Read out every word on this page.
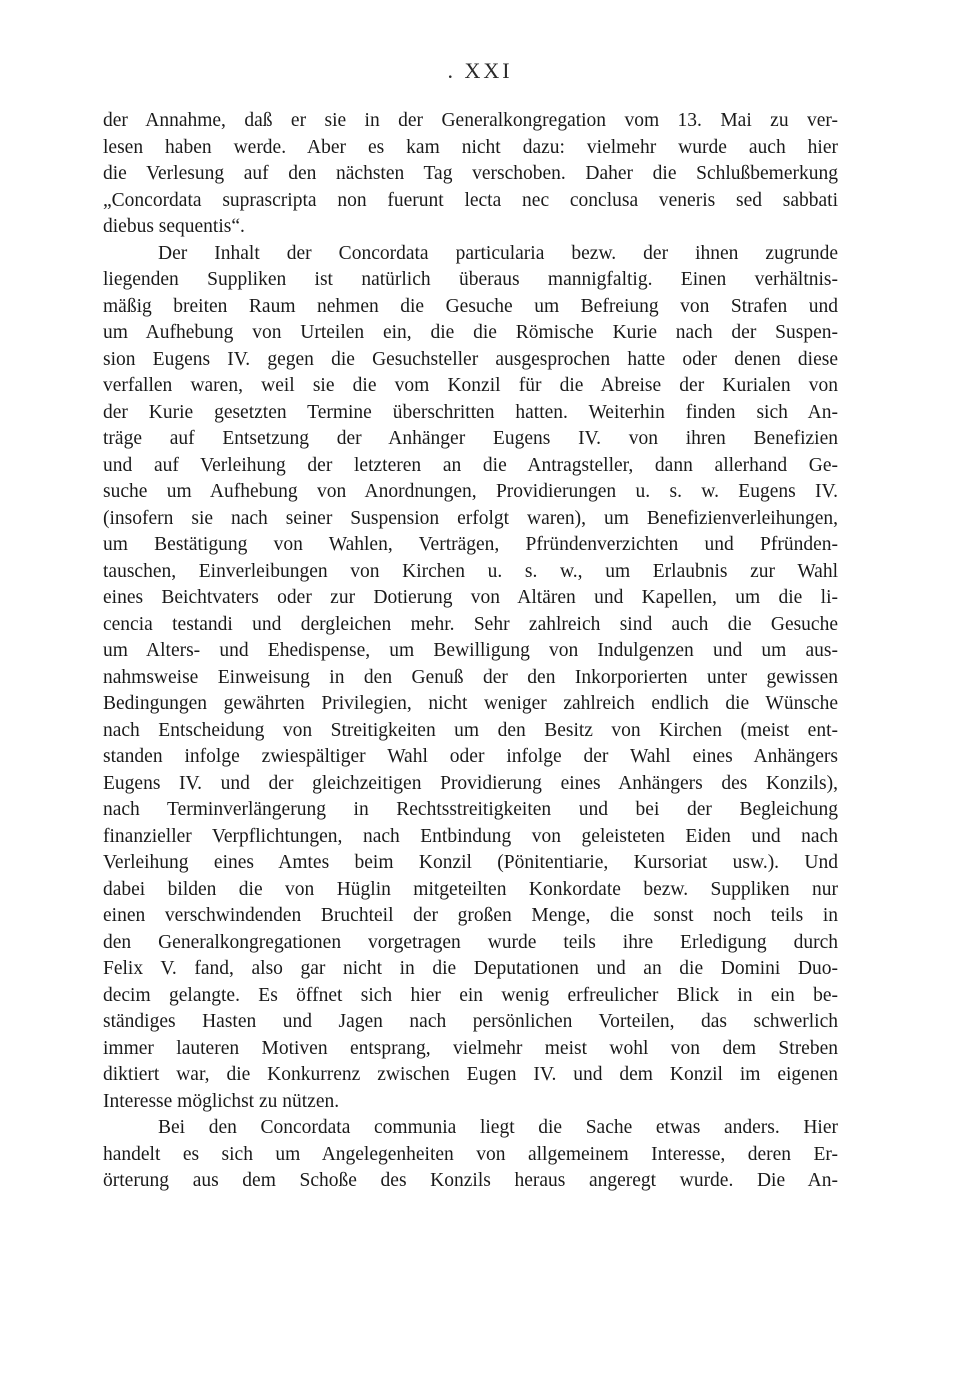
. XXI
der Annahme, daß er sie in der Generalkongregation vom 13. Mai zu ver-
lesen haben werde. Aber es kam nicht dazu: vielmehr wurde auch hier
die Verlesung auf den nächsten Tag verschoben. Daher die Schlußbemerkung
„Concordata suprascripta non fuerunt lecta nec conclusa veneris sed sabbati
diebus sequentis“.
Der Inhalt der Concordata particularia bezw. der ihnen zugrunde
liegenden Suppliken ist natürlich überaus mannigfaltig. Einen verhältnis-
mäßig breiten Raum nehmen die Gesuche um Befreiung von Strafen und
um Aufhebung von Urteilen ein, die die Römische Kurie nach der Suspen-
sion Eugens IV. gegen die Gesuchsteller ausgesprochen hatte oder denen diese
verfallen waren, weil sie die vom Konzil für die Abreise der Kurialen von
der Kurie gesetzten Termine überschritten hatten. Weiterhin finden sich An-
träge auf Entsetzung der Anhänger Eugens IV. von ihren Benefizien
und auf Verleihung der letzteren an die Antragsteller, dann allerhand Ge-
suche um Aufhebung von Anordnungen, Providierungen u. s. w. Eugens IV.
(insofern sie nach seiner Suspension erfolgt waren), um Benefizienverleihungen,
um Bestätigung von Wahlen, Verträgen, Pfründenverzichten und Pfründen-
tauschen, Einverleibungen von Kirchen u. s. w., um Erlaubnis zur Wahl
eines Beichtvaters oder zur Dotierung von Altären und Kapellen, um die li-
cencia testandi und dergleichen mehr. Sehr zahlreich sind auch die Gesuche
um Alters- und Ehedispense, um Bewilligung von Indulgenzen und um aus-
nahmsweise Einweisung in den Genuß der den Inkorporierten unter gewissen
Bedingungen gewährten Privilegien, nicht weniger zahlreich endlich die Wünsche
nach Entscheidung von Streitigkeiten um den Besitz von Kirchen (meist ent-
standen infolge zwiespältiger Wahl oder infolge der Wahl eines Anhängers
Eugens IV. und der gleichzeitigen Providierung eines Anhängers des Konzils),
nach Terminverlängerung in Rechtsstreitigkeiten und bei der Begleichung
finanzieller Verpflichtungen, nach Entbindung von geleisteten Eiden und nach
Verleihung eines Amtes beim Konzil (Pönitentiarie, Kursoriat usw.). Und
dabei bilden die von Hüglin mitgeteilten Konkordate bezw. Suppliken nur
einen verschwindenden Bruchteil der großen Menge, die sonst noch teils in
den Generalkongregationen vorgetragen wurde teils ihre Erledigung durch
Felix V. fand, also gar nicht in die Deputationen und an die Domini Duo-
decim gelangte. Es öffnet sich hier ein wenig erfreulicher Blick in ein be-
ständiges Hasten und Jagen nach persönlichen Vorteilen, das schwerlich
immer lauteren Motiven entsprang, vielmehr meist wohl von dem Streben
diktiert war, die Konkurrenz zwischen Eugen IV. und dem Konzil im eigenen
Interesse möglichst zu nützen.
Bei den Concordata communia liegt die Sache etwas anders. Hier
handelt es sich um Angelegenheiten von allgemeinem Interesse, deren Er-
örterung aus dem Schoße des Konzils heraus angeregt wurde. Die An-
